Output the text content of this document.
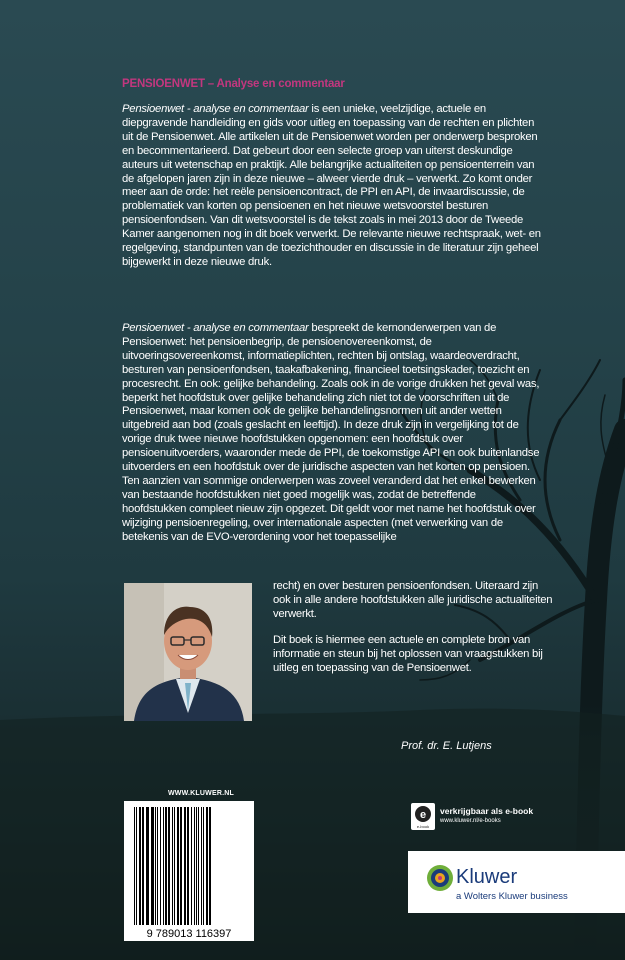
PENSIOENWET – Analyse en commentaar
Pensioenwet - analyse en commentaar is een unieke, veelzijdige, actuele en diepgravende handleiding en gids voor uitleg en toepassing van de rechten en plichten uit de Pensioenwet. Alle artikelen uit de Pensioenwet worden per onderwerp besproken en becommentarieerd. Dat gebeurt door een selecte groep van uiterst deskundige auteurs uit wetenschap en praktijk. Alle belangrijke actualiteiten op pensioenterrein van de afgelopen jaren zijn in deze nieuwe – alweer vierde druk – verwerkt. Zo komt onder meer aan de orde: het reële pensioencontract, de PPI en API, de invaardiscussie, de problematiek van korten op pensioenen en het nieuwe wetsvoorstel besturen pensioenfondsen. Van dit wetsvoorstel is de tekst zoals in mei 2013 door de Tweede Kamer aangenomen nog in dit boek verwerkt. De relevante nieuwe rechtspraak, wet- en regelgeving, standpunten van de toezichthouder en discussie in de literatuur zijn geheel bijgewerkt in deze nieuwe druk.
Pensioenwet - analyse en commentaar bespreekt de kernonderwerpen van de Pensioenwet: het pensioenbegrip, de pensioenovereenkomst, de uitvoeringsovereenkomst, informatieplichten, rechten bij ontslag, waardeoverdracht, besturen van pensioenfondsen, taakafbakening, financieel toetsingskader, toezicht en procesrecht. En ook: gelijke behandeling. Zoals ook in de vorige drukken het geval was, beperkt het hoofdstuk over gelijke behandeling zich niet tot de voorschriften uit de Pensioenwet, maar komen ook de gelijke behandelingsnormen uit ander wetten uitgebreid aan bod (zoals geslacht en leeftijd). In deze druk zijn in vergelijking tot de vorige druk twee nieuwe hoofdstukken opgenomen: een hoofdstuk over pensioenuitvoerders, waaronder mede de PPI, de toekomstige API en ook buitenlandse uitvoerders en een hoofdstuk over de juridische aspecten van het korten op pensioen. Ten aanzien van sommige onderwerpen was zoveel veranderd dat het enkel bewerken van bestaande hoofdstukken niet goed mogelijk was, zodat de betreffende hoofdstukken compleet nieuw zijn opgezet. Dit geldt voor met name het hoofdstuk over wijziging pensioenregeling, over internationale aspecten (met verwerking van de betekenis van de EVO-verordening voor het toepasselijke
recht) en over besturen pensioenfondsen. Uiteraard zijn ook in alle andere hoofdstukken alle juridische actualiteiten verwerkt.
Dit boek is hiermee een actuele en complete bron van informatie en steun bij het oplossen van vraagstukken bij uitleg en toepassing van de Pensioenwet.
Prof. dr. E. Lutjens
WWW.KLUWER.NL
9 789013 116397
e
e-book
verkrijgbaar als e-book
www.kluwer.nl/e-books
Kluwer
a Wolters Kluwer business
